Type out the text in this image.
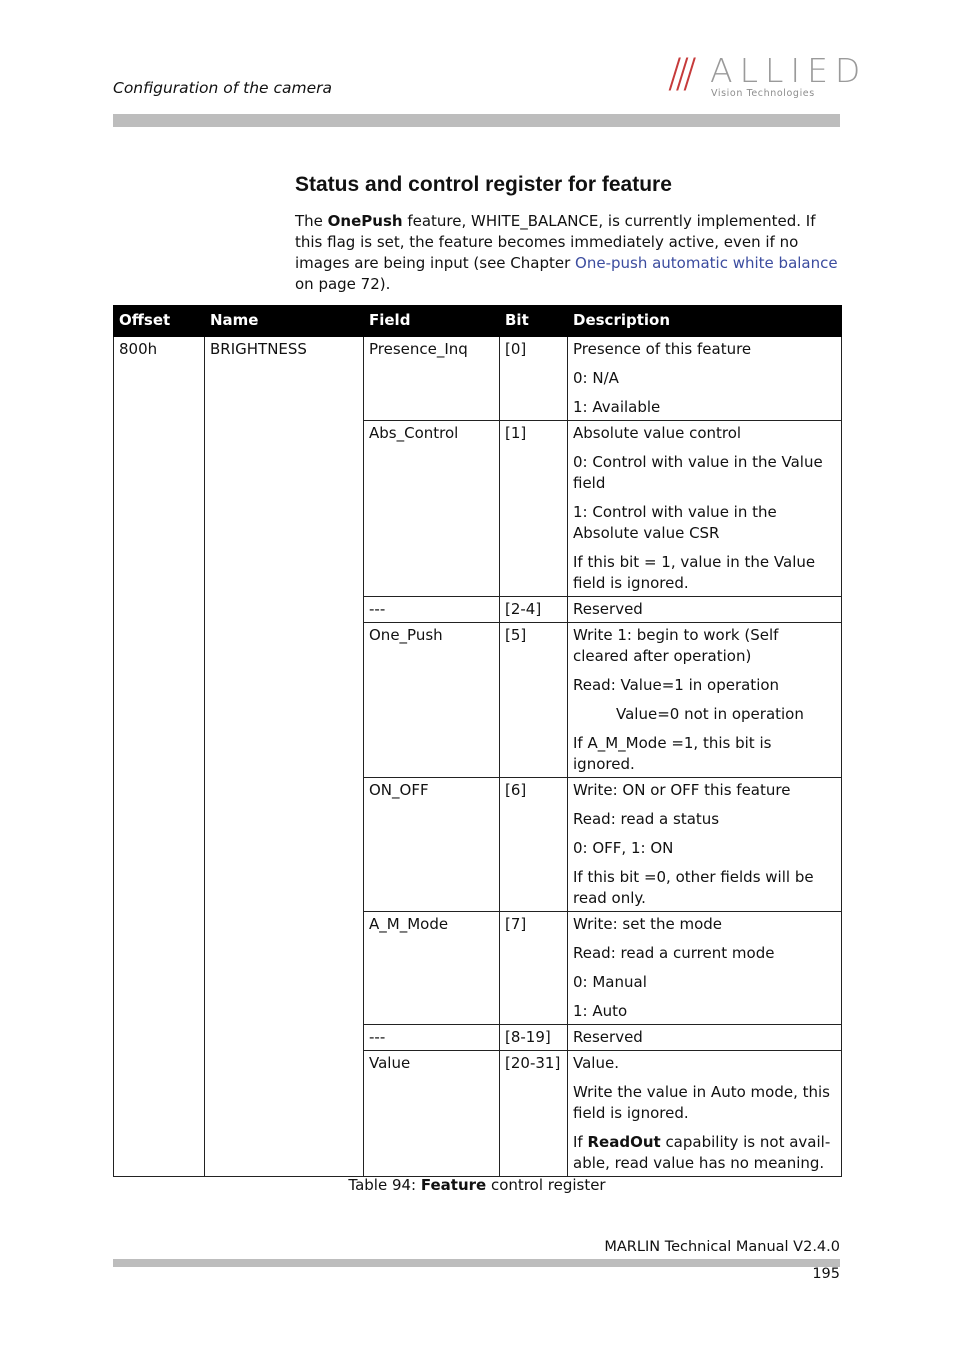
Configuration of the camera	/// ALLIED
Vision Technologies
Status and control register for feature

The OnePush feature, WHITE_BALANCE, is currently implemented. If this flag is set, the feature becomes immediately active, even if no images are being input (see Chapter One-push automatic white balance on page 72).

Offset	Name	Field	Bit	Description
800h	BRIGHTNESS	Presence_Inq	[0]	Presence of this feature
0: N/A
1: Available

		Abs_Control	[1]	Absolute value control
0: Control with value in the Value field
1: Control with value in the Absolute value CSR
If this bit = 1, value in the Value field is ignored.

		---	[2-4]	Reserved

		One_Push	[5]	Write 1: begin to work (Self cleared after operation)
Read: Value=1 in operation
Value=0 not in operation
If A_M_Mode =1, this bit is ignored.

		ON_OFF	[6]	Write: ON or OFF this feature
Read: read a status
0: OFF, 1: ON
If this bit =0, other fields will be read only.

		A_M_Mode	[7]	Write: set the mode
Read: read a current mode
0: Manual
1: Auto

		---	[8-19]	Reserved

		Value	[20-31]	Value.
Write the value in Auto mode, this field is ignored.
If ReadOut capability is not avail-able, read value has no meaning.
Table 94: Feature control register
MARLIN Technical Manual V2.4.0
195
